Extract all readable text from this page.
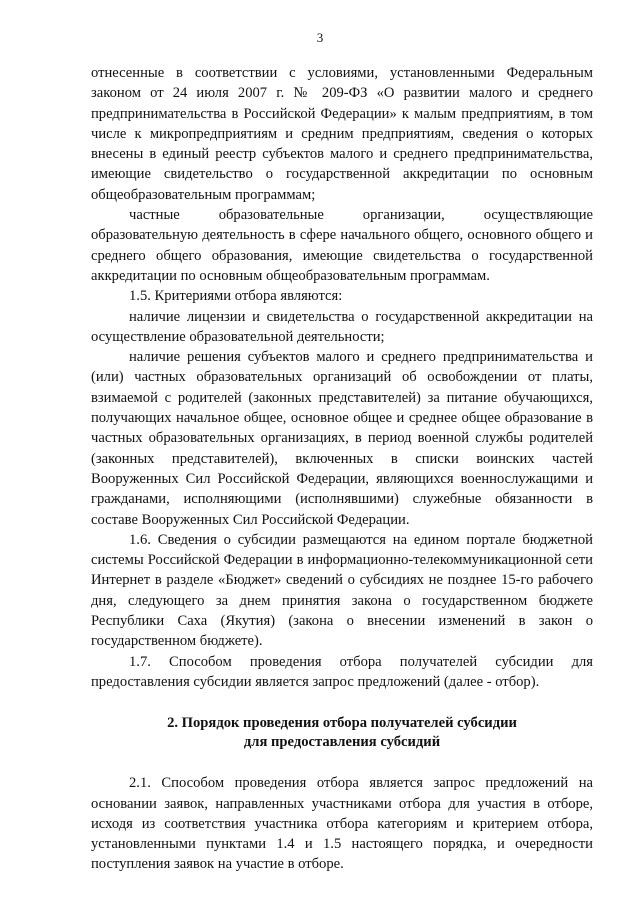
3

отнесенные в соответствии с условиями, установленными Федеральным законом от 24 июля 2007 г. № 209-ФЗ «О развитии малого и среднего предпринимательства в Российской Федерации» к малым предприятиям, в том числе к микропредприятиям и средним предприятиям, сведения о которых внесены в единый реестр субъектов малого и среднего предпринимательства, имеющие свидетельство о государственной аккредитации по основным общеобразовательным программам;

частные образовательные организации, осуществляющие образовательную деятельность в сфере начального общего, основного общего и среднего общего образования, имеющие свидетельства о государственной аккредитации по основным общеобразовательным программам.

1.5. Критериями отбора являются:

наличие лицензии и свидетельства о государственной аккредитации на осуществление образовательной деятельности;

наличие решения субъектов малого и среднего предпринимательства и (или) частных образовательных организаций об освобождении от платы, взимаемой с родителей (законных представителей) за питание обучающихся, получающих начальное общее, основное общее и среднее общее образование в частных образовательных организациях, в период военной службы родителей (законных представителей), включенных в списки воинских частей Вооруженных Сил Российской Федерации, являющихся военнослужащими и гражданами, исполняющими (исполнявшими) служебные обязанности в составе Вооруженных Сил Российской Федерации.

1.6. Сведения о субсидии размещаются на едином портале бюджетной системы Российской Федерации в информационно-телекоммуникационной сети Интернет в разделе «Бюджет» сведений о субсидиях не позднее 15-го рабочего дня, следующего за днем принятия закона о государственном бюджете Республики Саха (Якутия) (закона о внесении изменений в закон о государственном бюджете).

1.7. Способом проведения отбора получателей субсидии для предоставления субсидии является запрос предложений (далее - отбор).

2. Порядок проведения отбора получателей субсидии
для предоставления субсидий

2.1. Способом проведения отбора является запрос предложений на основании заявок, направленных участниками отбора для участия в отборе, исходя из соответствия участника отбора категориям и критерием отбора, установленными пунктами 1.4 и 1.5 настоящего порядка, и очередности поступления заявок на участие в отборе.
